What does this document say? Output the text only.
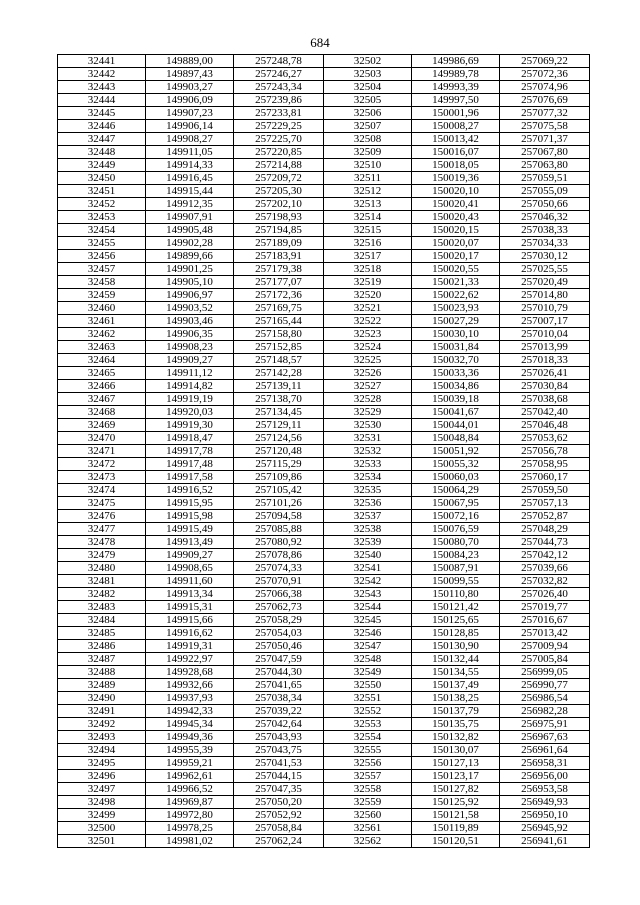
684
32441	149889,00	257248,78	32502	149986,69	257069,22
32442	149897,43	257246,27	32503	149989,78	257072,36
32443	149903,27	257243,34	32504	149993,39	257074,96
32444	149906,09	257239,86	32505	149997,50	257076,69
32445	149907,23	257233,81	32506	150001,96	257077,32
32446	149906,14	257229,25	32507	150008,27	257075,58
32447	149908,27	257225,70	32508	150013,42	257071,37
32448	149911,05	257220,85	32509	150016,07	257067,80
32449	149914,33	257214,88	32510	150018,05	257063,80
32450	149916,45	257209,72	32511	150019,36	257059,51
32451	149915,44	257205,30	32512	150020,10	257055,09
32452	149912,35	257202,10	32513	150020,41	257050,66
32453	149907,91	257198,93	32514	150020,43	257046,32
32454	149905,48	257194,85	32515	150020,15	257038,33
32455	149902,28	257189,09	32516	150020,07	257034,33
32456	149899,66	257183,91	32517	150020,17	257030,12
32457	149901,25	257179,38	32518	150020,55	257025,55
32458	149905,10	257177,07	32519	150021,33	257020,49
32459	149906,97	257172,36	32520	150022,62	257014,80
32460	149903,52	257169,75	32521	150023,93	257010,79
32461	149903,46	257165,44	32522	150027,29	257007,17
32462	149906,35	257158,80	32523	150030,10	257010,04
32463	149908,23	257152,85	32524	150031,84	257013,99
32464	149909,27	257148,57	32525	150032,70	257018,33
32465	149911,12	257142,28	32526	150033,36	257026,41
32466	149914,82	257139,11	32527	150034,86	257030,84
32467	149919,19	257138,70	32528	150039,18	257038,68
32468	149920,03	257134,45	32529	150041,67	257042,40
32469	149919,30	257129,11	32530	150044,01	257046,48
32470	149918,47	257124,56	32531	150048,84	257053,62
32471	149917,78	257120,48	32532	150051,92	257056,78
32472	149917,48	257115,29	32533	150055,32	257058,95
32473	149917,58	257109,86	32534	150060,03	257060,17
32474	149916,52	257105,42	32535	150064,29	257059,50
32475	149915,95	257101,26	32536	150067,95	257057,13
32476	149915,98	257094,58	32537	150072,16	257052,87
32477	149915,49	257085,88	32538	150076,59	257048,29
32478	149913,49	257080,92	32539	150080,70	257044,73
32479	149909,27	257078,86	32540	150084,23	257042,12
32480	149908,65	257074,33	32541	150087,91	257039,66
32481	149911,60	257070,91	32542	150099,55	257032,82
32482	149913,34	257066,38	32543	150110,80	257026,40
32483	149915,31	257062,73	32544	150121,42	257019,77
32484	149915,66	257058,29	32545	150125,65	257016,67
32485	149916,62	257054,03	32546	150128,85	257013,42
32486	149919,31	257050,46	32547	150130,90	257009,94
32487	149922,97	257047,59	32548	150132,44	257005,84
32488	149928,68	257044,30	32549	150134,55	256999,05
32489	149932,66	257041,65	32550	150137,49	256990,77
32490	149937,93	257038,34	32551	150138,25	256986,54
32491	149942,33	257039,22	32552	150137,79	256982,28
32492	149945,34	257042,64	32553	150135,75	256975,91
32493	149949,36	257043,93	32554	150132,82	256967,63
32494	149955,39	257043,75	32555	150130,07	256961,64
32495	149959,21	257041,53	32556	150127,13	256958,31
32496	149962,61	257044,15	32557	150123,17	256956,00
32497	149966,52	257047,35	32558	150127,82	256953,58
32498	149969,87	257050,20	32559	150125,92	256949,93
32499	149972,80	257052,92	32560	150121,58	256950,10
32500	149978,25	257058,84	32561	150119,89	256945,92
32501	149981,02	257062,24	32562	150120,51	256941,61
